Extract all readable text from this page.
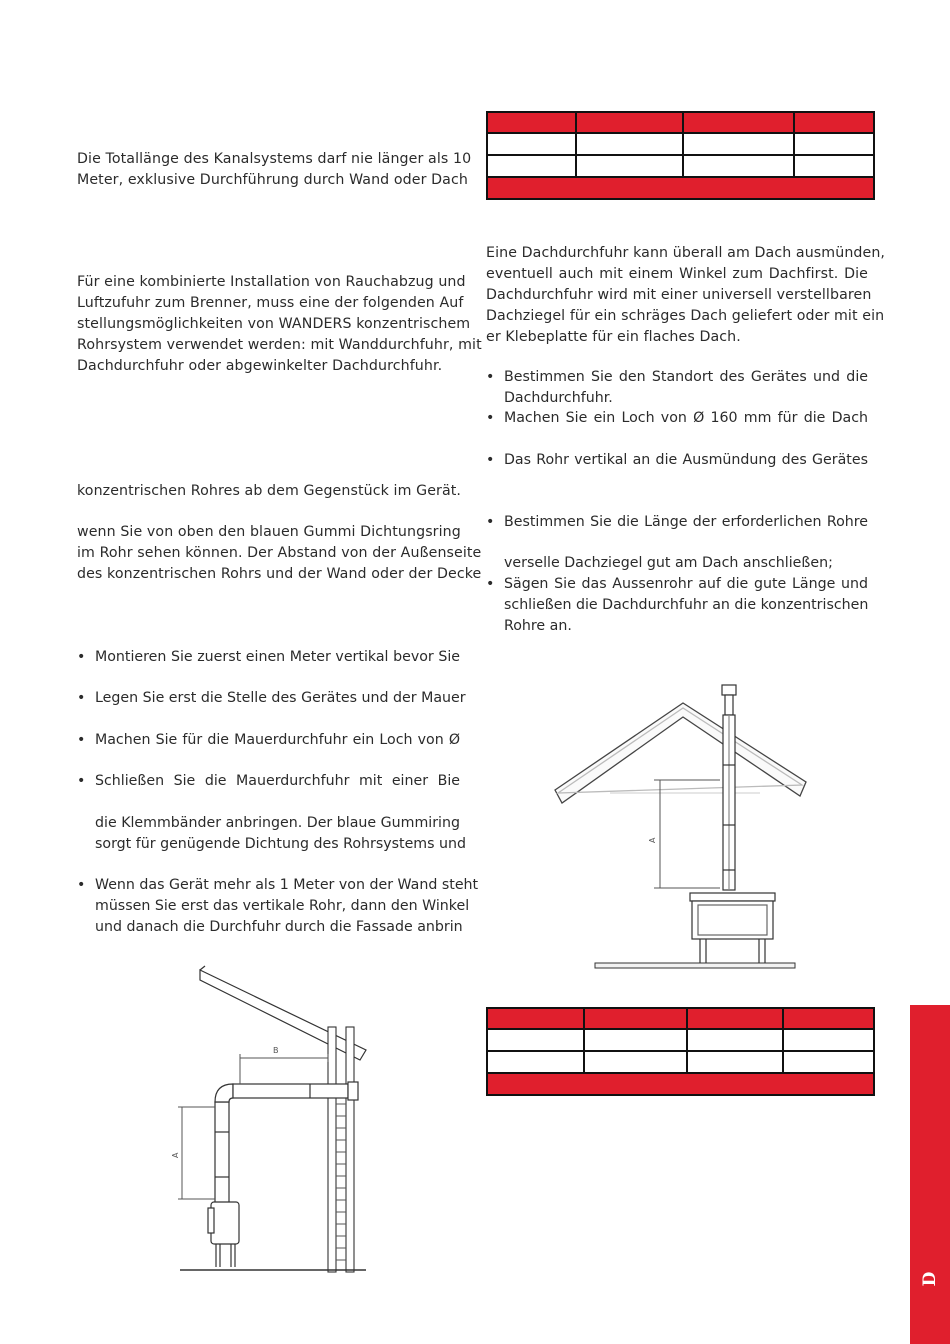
Die Totallänge des Kanalsystems darf nie länger als 10
Meter, exklusive Durchführung durch Wand oder Dach

Für eine kombinierte Installation von Rauchabzug und
Luftzufuhr zum Brenner, muss eine der folgenden Auf
stellungsmöglichkeiten von WANDERS konzentrischem
Rohrsystem verwendet werden: mit Wanddurchfuhr, mit
Dachdurchfuhr oder abgewinkelter Dachdurchfuhr.

konzentrischen Rohres ab dem Gegenstück im Gerät.

wenn Sie von oben den blauen Gummi Dichtungsring
im Rohr sehen können. Der Abstand von der Außenseite
des konzentrischen Rohrs und der Wand oder der Decke

• Montieren Sie zuerst einen Meter vertikal bevor Sie
• Legen Sie erst die Stelle des Gerätes und der Mauer
• Machen Sie für die Mauerdurchfuhr ein Loch von Ø
• Schließen Sie die Mauerdurchfuhr mit einer Bie
die Klemmbänder anbringen. Der blaue Gummiring
sorgt für genügende Dichtung des Rohrsystems und
• Wenn das Gerät mehr als 1 Meter von der Wand steht
müssen Sie erst das vertikale Rohr, dann den Winkel
und danach die Durchfuhr durch die Fassade anbrin

Eine Dachdurchfuhr kann überall am Dach ausmünden,
eventuell auch mit einem Winkel zum Dachfirst. Die
Dachdurchfuhr wird mit einer universell verstellbaren
Dachziegel für ein schräges Dach geliefert oder mit ein
er Klebeplatte für ein flaches Dach.

• Bestimmen Sie den Standort des Gerätes und die
Dachdurchfuhr.
• Machen Sie ein Loch von Ø 160 mm für die Dach
• Das Rohr vertikal an die Ausmündung des Gerätes
• Bestimmen Sie die Länge der erforderlichen Rohre
verselle Dachziegel gut am Dach anschließen;
• Sägen Sie das Aussenrohr auf die gute Länge und
schließen die Dachdurchfuhr an die konzentrischen
Rohre an.
A

A
B
D
